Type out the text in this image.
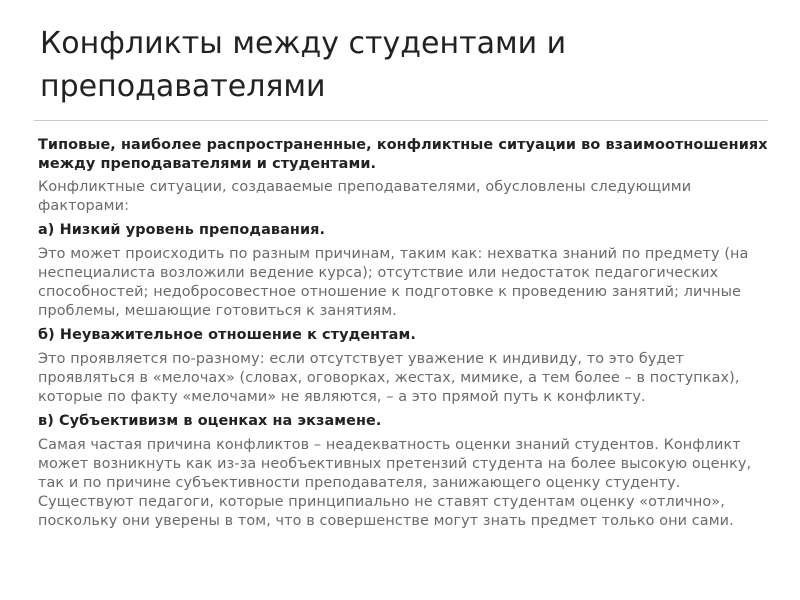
Конфликты между студентами и преподавателями

Типовые, наиболее распространенные, конфликтные ситуации во взаимоотношениях между преподавателями и студентами.

Конфликтные ситуации, создаваемые преподавателями, обусловлены следующими факторами:

а) Низкий уровень преподавания.

Это может происходить по разным причинам, таким как: нехватка знаний по предмету (на неспециалиста возложили ведение курса); отсутствие или недостаток педагогических способностей; недобросовестное отношение к подготовке к проведению занятий; личные проблемы, мешающие готовиться к занятиям.

б) Неуважительное отношение к студентам.

Это проявляется по-разному: если отсутствует уважение к индивиду, то это будет проявляться в «мелочах» (словах, оговорках, жестах, мимике, а тем более – в поступках), которые по факту «мелочами» не являются, – а это прямой путь к конфликту.

в) Субъективизм в оценках на экзамене.

Самая частая причина конфликтов – неадекватность оценки знаний студентов. Конфликт может возникнуть как из-за необъективных претензий студента на более высокую оценку, так и по причине субъективности преподавателя, занижающего оценку студенту. Существуют педагоги, которые принципиально не ставят студентам оценку «отлично», поскольку они уверены в том, что в совершенстве могут знать предмет только они сами.
